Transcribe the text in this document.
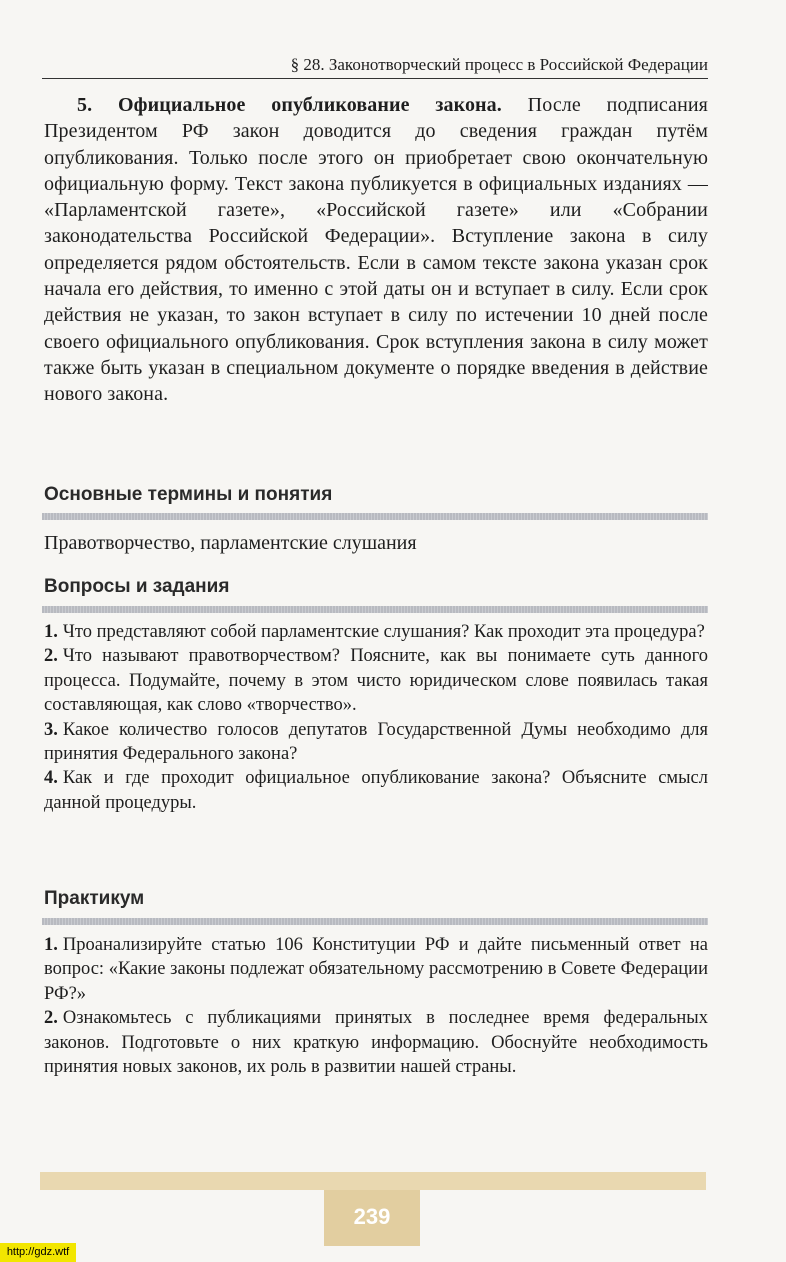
§ 28. Законотворческий процесс в Российской Федерации

5. Официальное опубликование закона. После подписания Президентом РФ закон доводится до сведения граждан путём опубликования. Только после этого он приобретает свою окончательную официальную форму. Текст закона публикуется в официальных изданиях — «Парламентской газете», «Российской газете» или «Собрании законодательства Российской Федерации». Вступление закона в силу определяется рядом обстоятельств. Если в самом тексте закона указан срок начала его действия, то именно с этой даты он и вступает в силу. Если срок действия не указан, то закон вступает в силу по истечении 10 дней после своего официального опубликования. Срок вступления закона в силу может также быть указан в специальном документе о порядке введения в действие нового закона.

Основные термины и понятия
Правотворчество, парламентские слушания
Вопросы и задания

1. Что представляют собой парламентские слушания? Как проходит эта процедура?

2. Что называют правотворчеством? Поясните, как вы понимаете суть данного процесса. Подумайте, почему в этом чисто юридическом слове появилась такая составляющая, как слово «творчество».

3. Какое количество голосов депутатов Государственной Думы необходимо для принятия Федерального закона?

4. Как и где проходит официальное опубликование закона? Объясните смысл данной процедуры.

Практикум

1. Проанализируйте статью 106 Конституции РФ и дайте письменный ответ на вопрос: «Какие законы подлежат обязательному рассмотрению в Совете Федерации РФ?»

2. Ознакомьтесь с публикациями принятых в последнее время федеральных законов. Подготовьте о них краткую информацию. Обоснуйте необходимость принятия новых законов, их роль в развитии нашей страны.

239
http://gdz.wtf
